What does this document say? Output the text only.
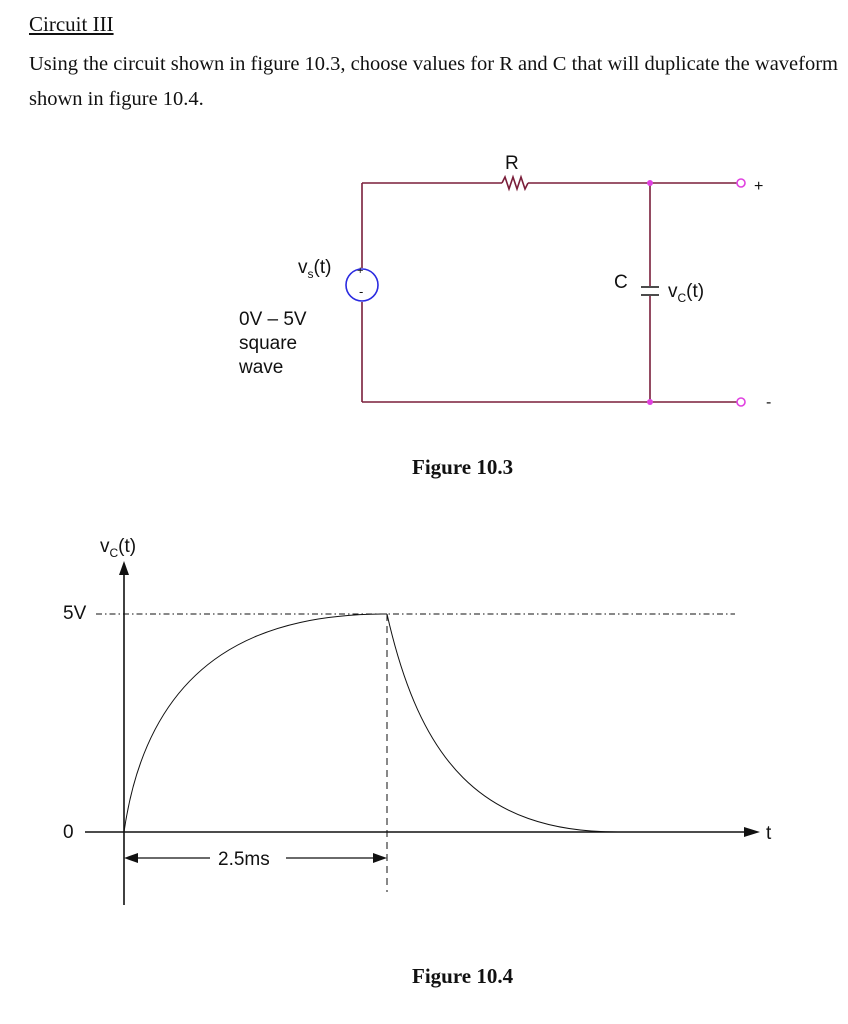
Circuit III
Using the circuit shown in figure 10.3, choose values for R and C that will duplicate the waveform shown in figure 10.4.
R
C $v_C(t)$
$v_s(t)$
0V – 5V
square
wave
+
-
+
-
Figure 10.3
$v_C(t)$
5V
0	t
2.5ms
Figure 10.4
